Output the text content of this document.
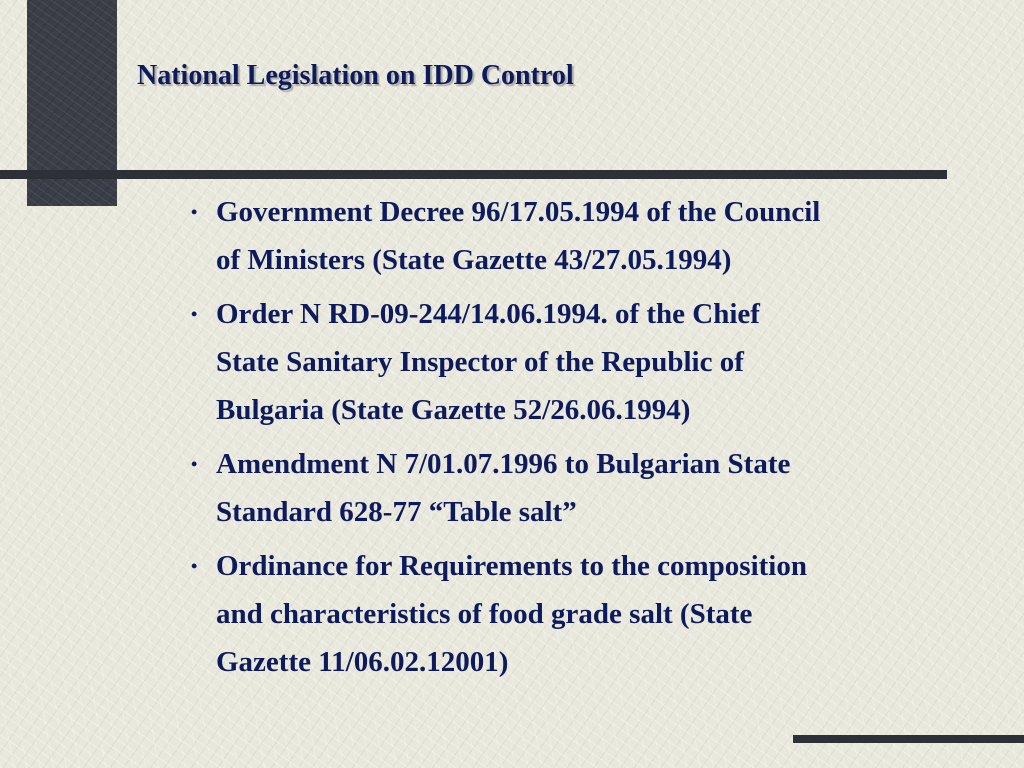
National Legislation on IDD Control
• Government Decree 96/17.05.1994 of the Council
of Ministers (State Gazette 43/27.05.1994)
• Order N RD-09-244/14.06.1994. of the Chief
State Sanitary Inspector of the Republic of
Bulgaria (State Gazette 52/26.06.1994)
• Amendment N 7/01.07.1996 to Bulgarian State
Standard 628-77 “Table salt”
• Ordinance for Requirements to the composition
and characteristics of food grade salt (State
Gazette 11/06.02.12001)
